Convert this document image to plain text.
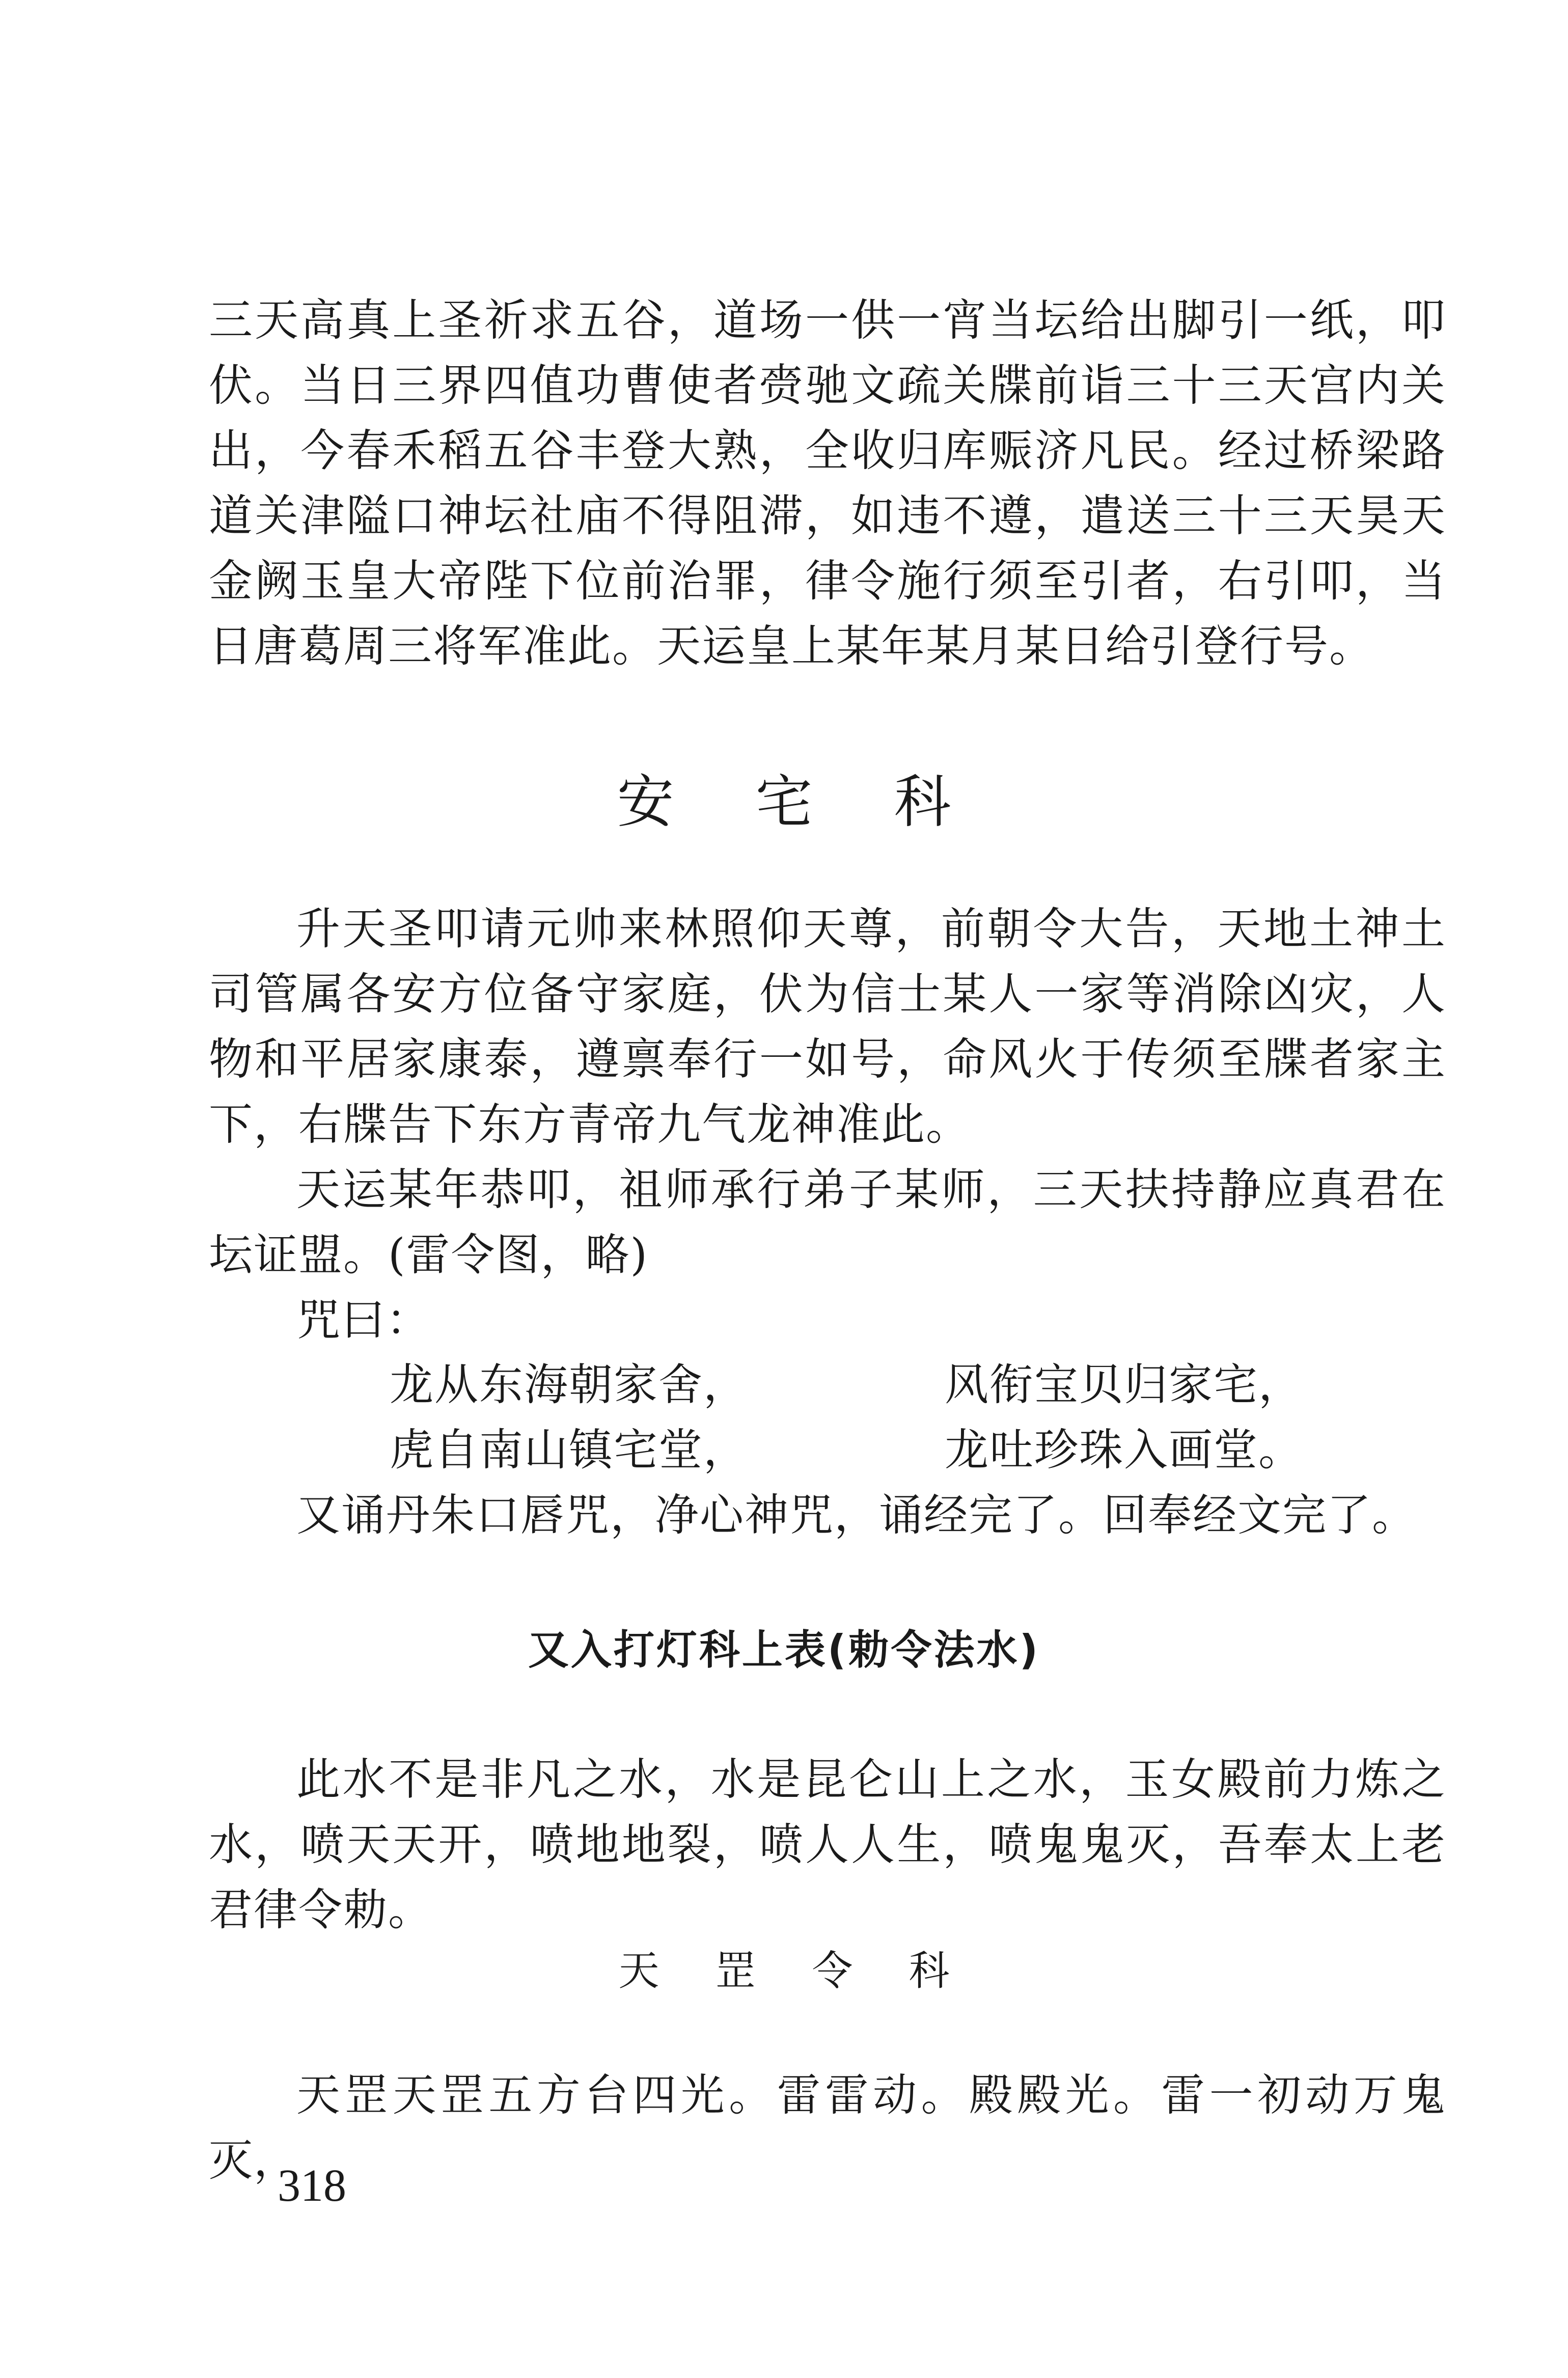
三天高真上圣祈求五谷，道场一供一宵当坛给出脚引一纸，叩伏。当日三界四值功曹使者赍驰文疏关牒前诣三十三天宫内关出，今春禾稻五谷丰登大熟，全收归库赈济凡民。经过桥梁路道关津隘口神坛社庙不得阻滞，如违不遵，遣送三十三天昊天金阙玉皇大帝陛下位前治罪，律令施行须至引者，右引叩，当日唐葛周三将军准此。天运皇上某年某月某日给引登行号。

安宅科

升天圣叩请元帅来林照仰天尊，前朝令大告，天地土神土司管属各安方位备守家庭，伏为信士某人一家等消除凶灾，人物和平居家康泰，遵禀奉行一如号，命风火于传须至牒者家主下，右牒告下东方青帝九气龙神准此。

天运某年恭叩，祖师承行弟子某师，三天扶持静应真君在坛证盟。(雷令图，略)

咒曰：

龙从东海朝家舍，	风衔宝贝归家宅，
虎自南山镇宅堂，	龙吐珍珠入画堂。

又诵丹朱口唇咒，净心神咒，诵经完了。回奉经文完了。

又入打灯科上表(勅令法水)

此水不是非凡之水，水是昆仑山上之水，玉女殿前力炼之水，喷天天开，喷地地裂，喷人人生，喷鬼鬼灭，吾奉太上老君律令勅。

天罡令科

天罡天罡五方台四光。雷雷动。殿殿光。雷一初动万鬼灭，

318
